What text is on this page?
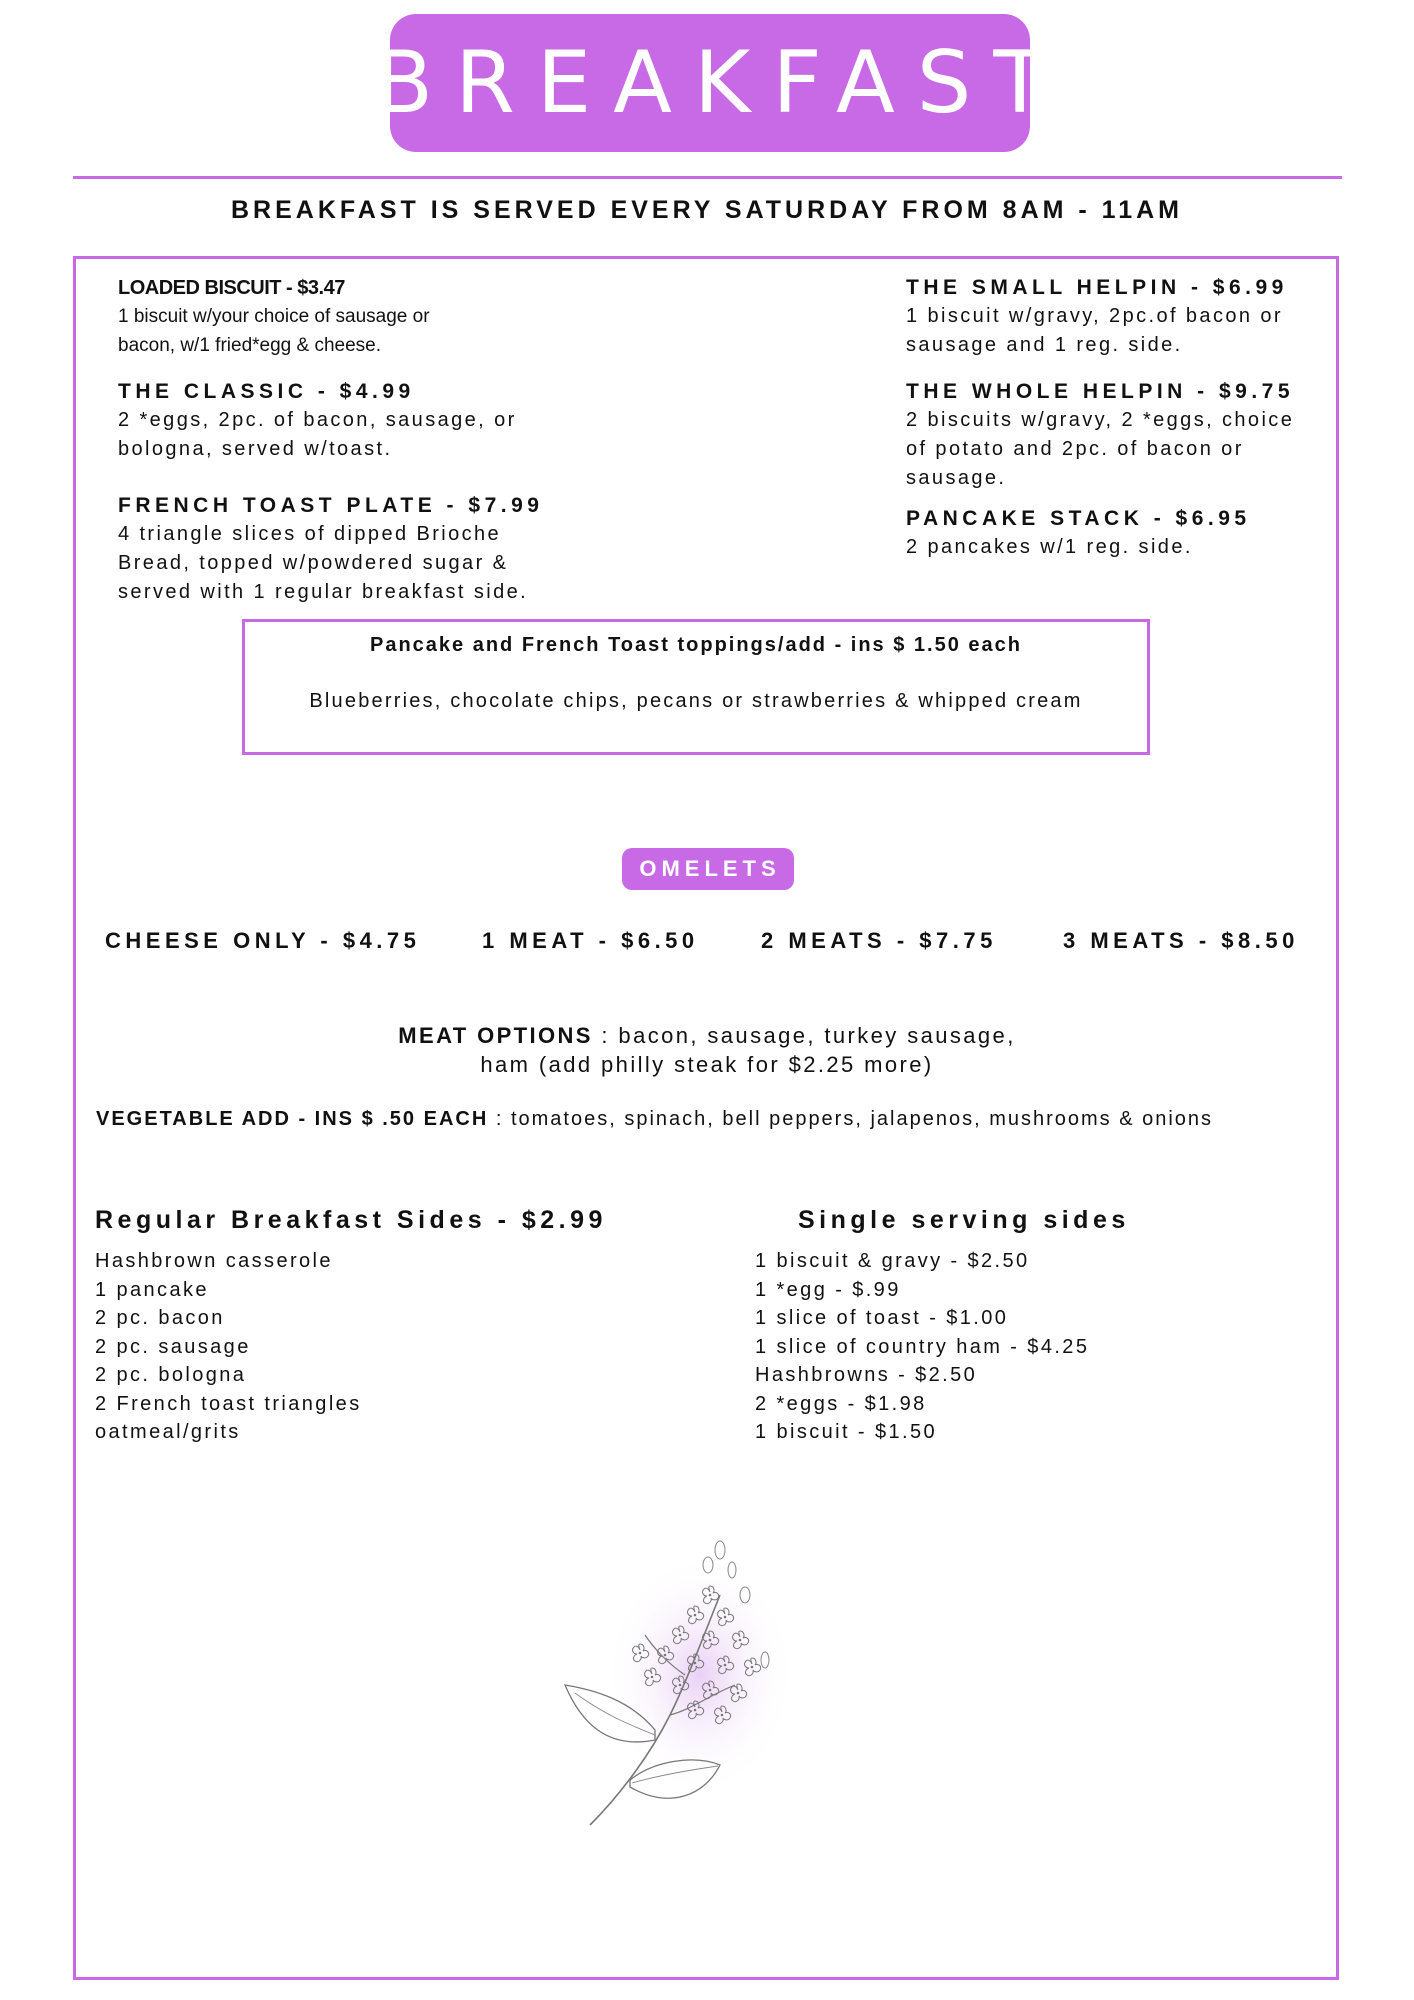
BREAKFAST
BREAKFAST IS SERVED EVERY SATURDAY FROM 8AM - 11AM

LOADED BISCUIT - $3.47

1 biscuit w/your choice of sausage or

bacon, w/1 fried*egg & cheese.

THE CLASSIC - $4.99

2 *eggs, 2pc. of bacon, sausage, or

bologna, served w/toast.

FRENCH TOAST PLATE - $7.99

4 triangle slices of dipped Brioche

Bread, topped w/powdered sugar &

served with 1 regular breakfast side.

THE SMALL HELPIN - $6.99

1 biscuit w/gravy, 2pc.of bacon or

sausage and 1 reg. side.

THE WHOLE HELPIN - $9.75

2 biscuits w/gravy, 2 *eggs, choice

of potato and 2pc. of bacon or

sausage.

PANCAKE STACK - $6.95

2 pancakes w/1 reg. side.

Pancake and French Toast toppings/add - ins $ 1.50 each
Blueberries, chocolate chips, pecans or strawberries & whipped cream
OMELETS
CHEESE ONLY - $4.75	1 MEAT - $6.50	2 MEATS - $7.75	3 MEATS - $8.50
MEAT OPTIONS : bacon, sausage, turkey sausage,
ham (add philly steak for $2.25 more)
VEGETABLE ADD - INS $ .50 EACH : tomatoes, spinach, bell peppers, jalapenos, mushrooms & onions
Regular Breakfast Sides - $2.99	Single serving sides
Hashbrown casserole
1 pancake
2 pc. bacon
2 pc. sausage
2 pc. bologna
2 French toast triangles
oatmeal/grits
1 biscuit & gravy - $2.50
1 *egg - $.99
1 slice of toast - $1.00
1 slice of country ham - $4.25
Hashbrowns - $2.50
2 *eggs - $1.98
1 biscuit - $1.50
